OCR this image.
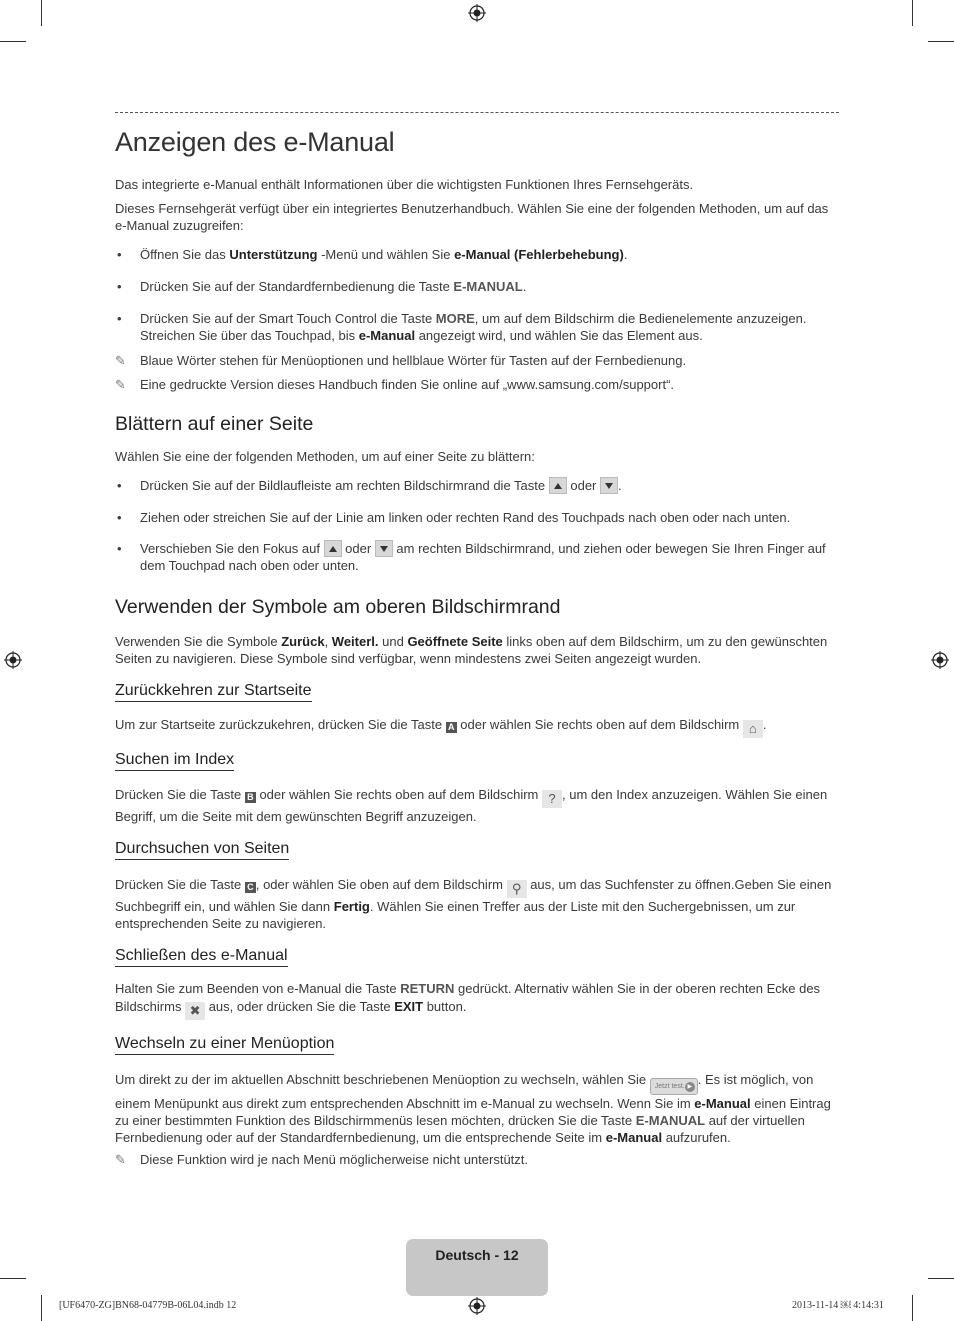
Anzeigen des e-Manual

Das integrierte e-Manual enthält Informationen über die wichtigsten Funktionen Ihres Fernsehgeräts.

Dieses Fernsehgerät verfügt über ein integriertes Benutzerhandbuch. Wählen Sie eine der folgenden Methoden, um auf das e-Manual zuzugreifen:

• Öffnen Sie das Unterstützung -Menü und wählen Sie e-Manual (Fehlerbehebung).
• Drücken Sie auf der Standardfernbedienung die Taste E-MANUAL.
• Drücken Sie auf der Smart Touch Control die Taste MORE, um auf dem Bildschirm die Bedienelemente anzuzeigen. Streichen Sie über das Touchpad, bis e-Manual angezeigt wird, und wählen Sie das Element aus.
✎ Blaue Wörter stehen für Menüoptionen und hellblaue Wörter für Tasten auf der Fernbedienung.
✎ Eine gedruckte Version dieses Handbuch finden Sie online auf „www.samsung.com/support“.
Blättern auf einer Seite

Wählen Sie eine der folgenden Methoden, um auf einer Seite zu blättern:

• Drücken Sie auf der Bildlaufleiste am rechten Bildschirmrand die Taste  oder .
• Ziehen oder streichen Sie auf der Linie am linken oder rechten Rand des Touchpads nach oben oder nach unten.
• Verschieben Sie den Fokus auf  oder  am rechten Bildschirmrand, und ziehen oder bewegen Sie Ihren Finger auf dem Touchpad nach oben oder unten.
Verwenden der Symbole am oberen Bildschirmrand

Verwenden Sie die Symbole Zurück, Weiterl. und Geöffnete Seite links oben auf dem Bildschirm, um zu den gewünschten Seiten zu navigieren. Diese Symbole sind verfügbar, wenn mindestens zwei Seiten angezeigt wurden.

Zurückkehren zur Startseite

Um zur Startseite zurückzukehren, drücken Sie die Taste A oder wählen Sie rechts oben auf dem Bildschirm ⌂ .

Suchen im Index

Drücken Sie die Taste B oder wählen Sie rechts oben auf dem Bildschirm ? , um den Index anzuzeigen. Wählen Sie einen Begriff, um die Seite mit dem gewünschten Begriff anzuzeigen.

Durchsuchen von Seiten

Drücken Sie die Taste C , oder wählen Sie oben auf dem Bildschirm ⚲ aus, um das Suchfenster zu öffnen.Geben Sie einen Suchbegriff ein, und wählen Sie dann Fertig. Wählen Sie einen Treffer aus der Liste mit den Suchergebnissen, um zur entsprechenden Seite zu navigieren.

Schließen des e-Manual

Halten Sie zum Beenden von e-Manual die Taste RETURN gedrückt. Alternativ wählen Sie in der oberen rechten Ecke des Bildschirms ✖ aus, oder drücken Sie die Taste EXIT button.

Wechseln zu einer Menüoption

Um direkt zu der im aktuellen Abschnitt beschriebenen Menüoption zu wechseln, wählen Sie Jetzt test. ▶ . Es ist möglich, von einem Menüpunkt aus direkt zum entsprechenden Abschnitt im e-Manual zu wechseln. Wenn Sie im e-Manual einen Eintrag zu einer bestimmten Funktion des Bildschirmmenüs lesen möchten, drücken Sie die Taste E-MANUAL auf der virtuellen Fernbedienung oder auf der Standardfernbedienung, um die entsprechende Seite im e-Manual aufzurufen.

✎ Diese Funktion wird je nach Menü möglicherweise nicht unterstützt.
Deutsch - 12
[UF6470-ZG]BN68-04779B-06L04.indb 12	2013-11-14 ￼ 4:14:31
